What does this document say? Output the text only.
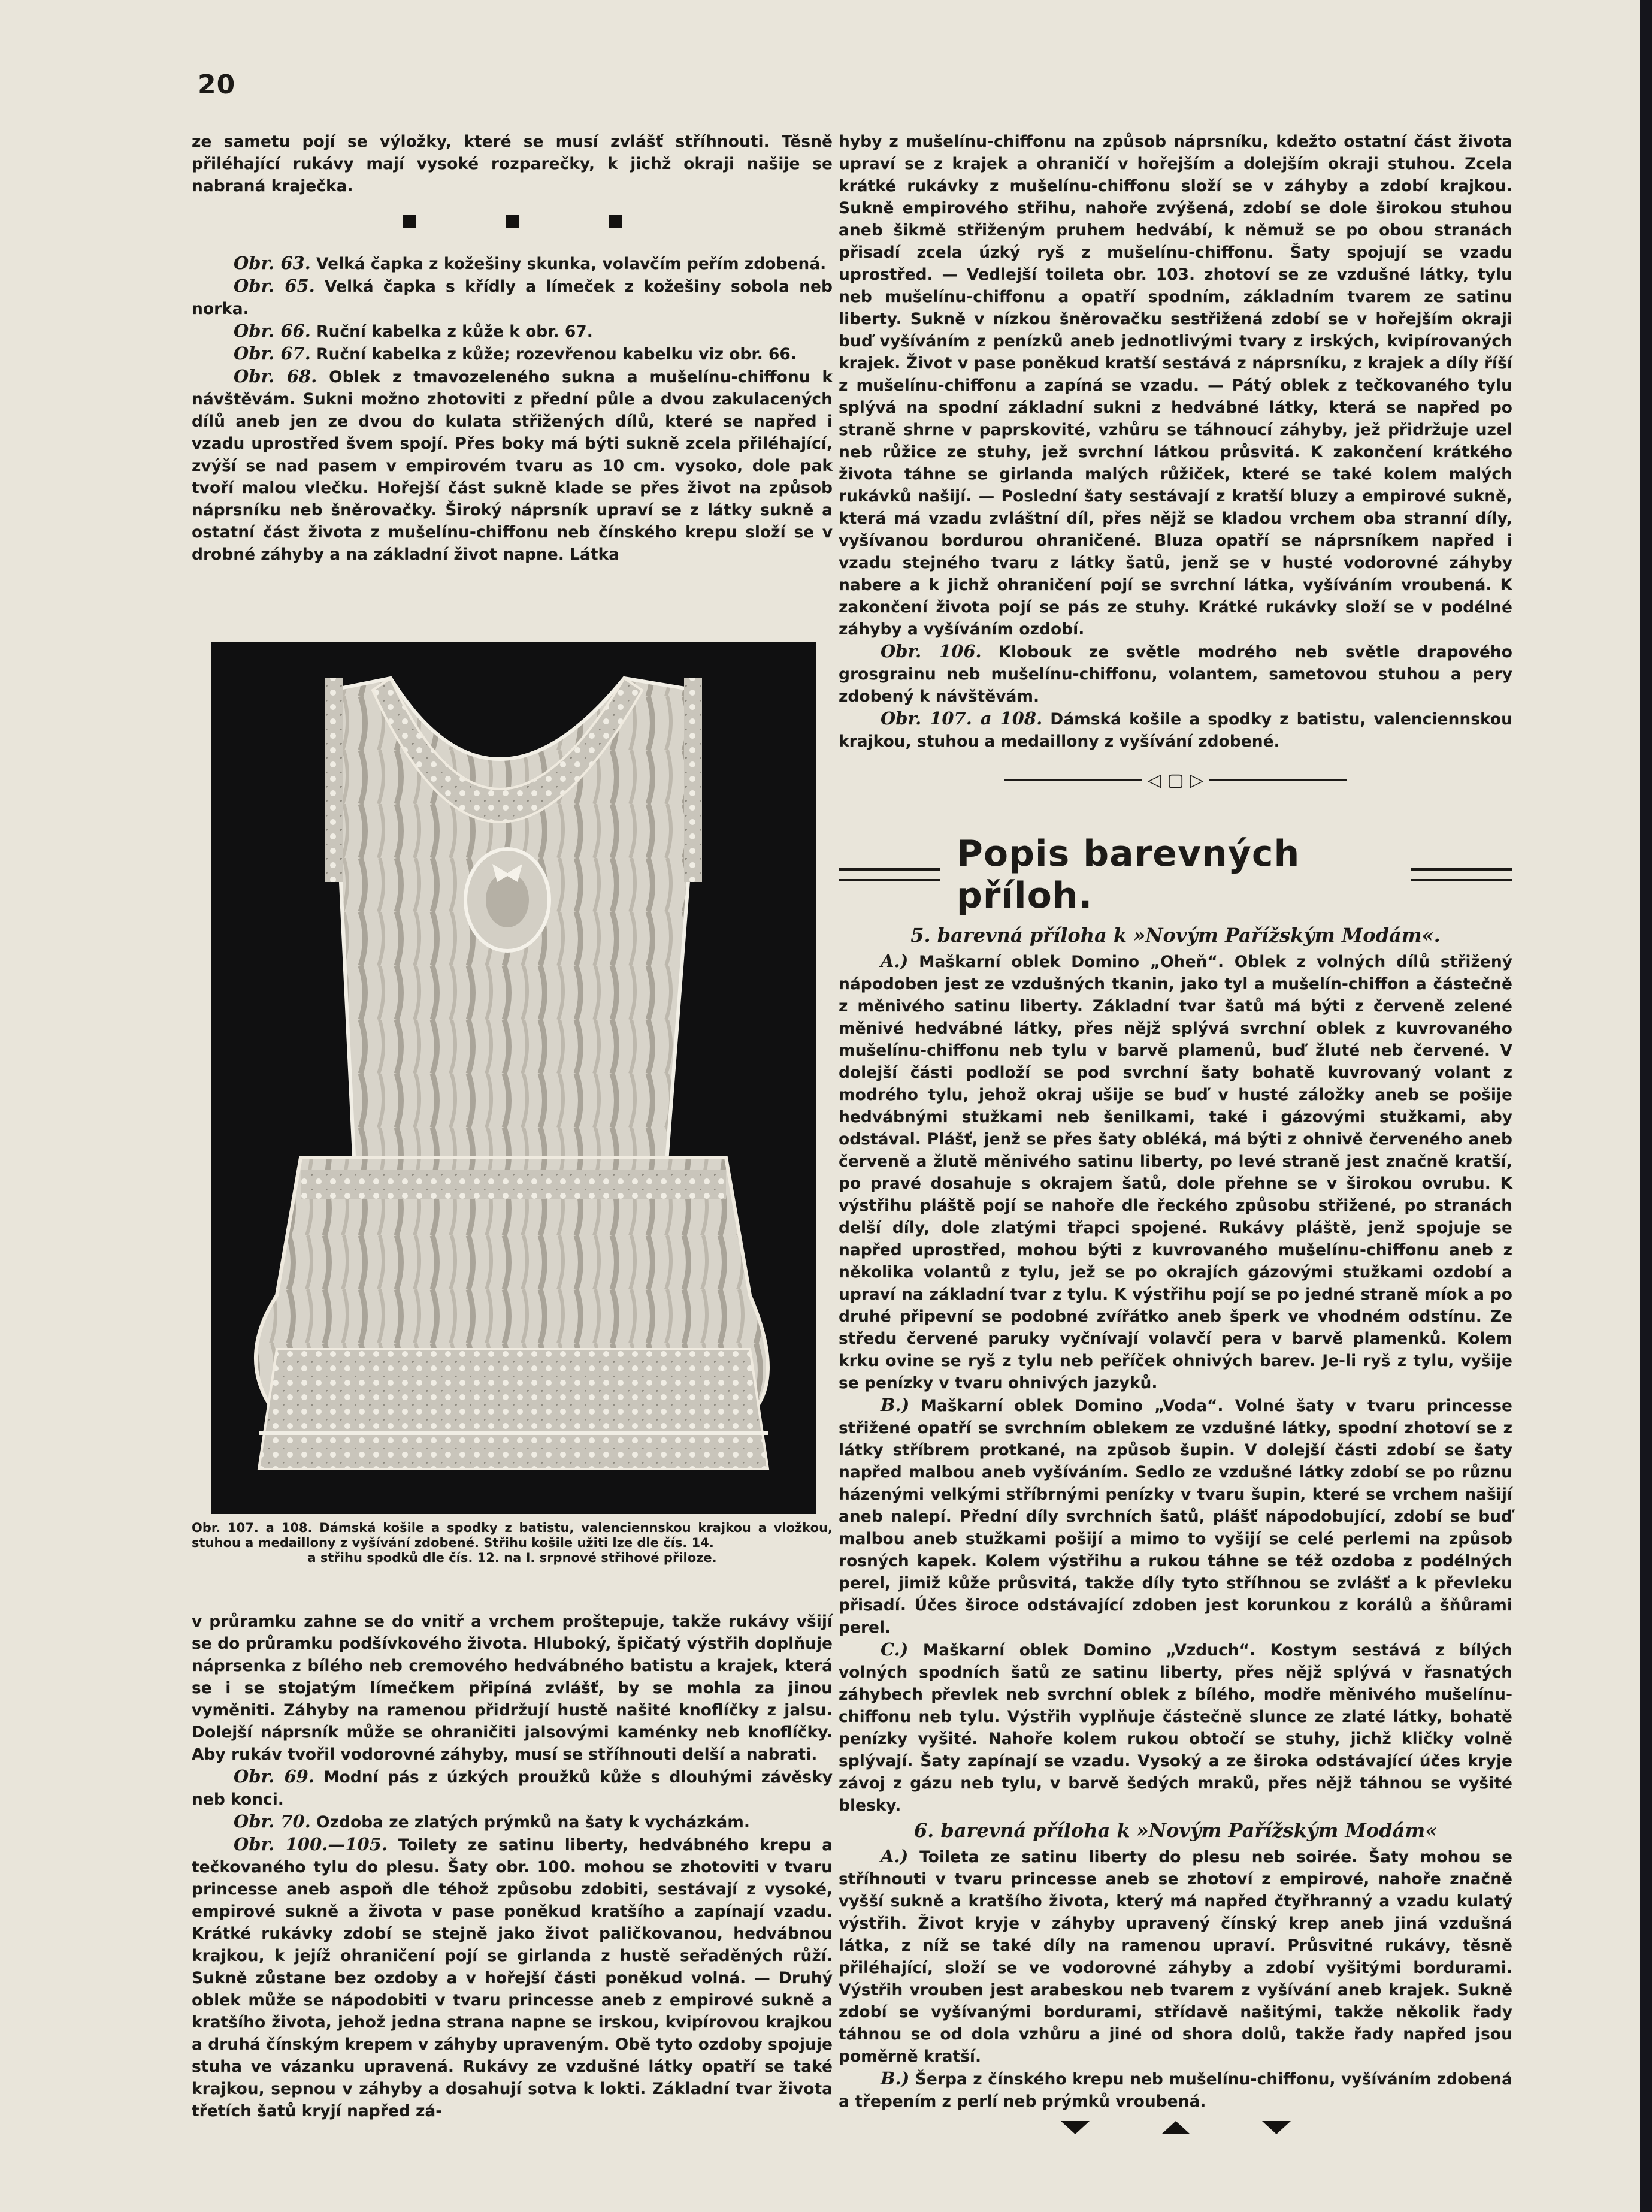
20

ze sametu pojí se výložky, které se musí zvlášť stříhnouti. Těsně přiléhající rukávy mají vysoké rozparečky, k jichž okraji našije se nabraná kraječka.

Obr. 63. Velká čapka z kožešiny skunka, volavčím peřím zdobená.

Obr. 65. Velká čapka s křídly a límeček z kožešiny sobola neb norka.

Obr. 66. Ruční kabelka z kůže k obr. 67.

Obr. 67. Ruční kabelka z kůže; rozevřenou kabelku viz obr. 66.

Obr. 68. Oblek z tmavozeleného sukna a mušelínu-chiffonu k návštěvám. Sukni možno zhotoviti z přední půle a dvou zakulacených dílů aneb jen ze dvou do kulata střižených dílů, které se napřed i vzadu uprostřed švem spojí. Přes boky má býti sukně zcela přiléhající, zvýší se nad pasem v empirovém tvaru as 10 cm. vysoko, dole pak tvoří malou vlečku. Hořejší část sukně klade se přes život na způsob náprsníku neb šněrovačky. Široký náprsník upraví se z látky sukně a ostatní část života z mušelínu-chiffonu neb čínského krepu složí se v drobné záhyby a na základní život napne. Látka

Obr. 107. a 108. Dámská košile a spodky z batistu, valenciennskou krajkou a vložkou, stuhou a medaillony z vyšívání zdobené. Střihu košile užiti lze dle čís. 14.
a střihu spodků dle čís. 12. na I. srpnové střihové přiloze.

v průramku zahne se do vnitř a vrchem proštepuje, takže rukávy všijí se do průramku podšívkového života. Hluboký, špičatý výstřih doplňuje náprsenka z bílého neb cremového hedvábného batistu a krajek, která se i se stojatým límečkem připíná zvlášť, by se mohla za jinou vyměniti. Záhyby na ramenou přidržují hustě našité knoflíčky z jalsu. Dolejší náprsník může se ohraničiti jalsovými kaménky neb knoflíčky. Aby rukáv tvořil vodorovné záhyby, musí se stříhnouti delší a nabrati.

Obr. 69. Modní pás z úzkých proužků kůže s dlouhými závěsky neb konci.

Obr. 70. Ozdoba ze zlatých prýmků na šaty k vycházkám.

Obr. 100.—105. Toilety ze satinu liberty, hedvábného krepu a tečkovaného tylu do plesu. Šaty obr. 100. mohou se zhotoviti v tvaru princesse aneb aspoň dle téhož způsobu zdobiti, sestávají z vysoké, empirové sukně a života v pase poněkud kratšího a zapínají vzadu. Krátké rukávky zdobí se stejně jako život paličkovanou, hedvábnou krajkou, k jejíž ohraničení pojí se girlanda z hustě seřaděných růží. Sukně zůstane bez ozdoby a v hořejší části poněkud volná. — Druhý oblek může se nápodobiti v tvaru princesse aneb z empirové sukně a kratšího života, jehož jedna strana napne se irskou, kvipírovou krajkou a druhá čínským krepem v záhyby upraveným. Obě tyto ozdoby spojuje stuha ve vázanku upravená. Rukávy ze vzdušné látky opatří se také krajkou, sepnou v záhyby a dosahují sotva k lokti. Základní tvar života třetích šatů kryjí napřed zá-

hyby z mušelínu-chiffonu na způsob náprsníku, kdežto ostatní část života upraví se z krajek a ohraničí v hořejším a dolejším okraji stuhou. Zcela krátké rukávky z mušelínu-chiffonu složí se v záhyby a zdobí krajkou. Sukně empirového střihu, nahoře zvýšená, zdobí se dole širokou stuhou aneb šikmě střiženým pruhem hedvábí, k němuž se po obou stranách přisadí zcela úzký ryš z mušelínu-chiffonu. Šaty spojují se vzadu uprostřed. — Vedlejší toileta obr. 103. zhotoví se ze vzdušné látky, tylu neb mušelínu-chiffonu a opatří spodním, základním tvarem ze satinu liberty. Sukně v nízkou šněrovačku sestřižená zdobí se v hořejším okraji buď vyšíváním z penízků aneb jednotlivými tvary z irských, kvipírovaných krajek. Život v pase poněkud kratší sestává z náprsníku, z krajek a díly říší z mušelínu-chiffonu a zapíná se vzadu. — Pátý oblek z tečkovaného tylu splývá na spodní základní sukni z hedvábné látky, která se napřed po straně shrne v paprskovité, vzhůru se táhnoucí záhyby, jež přidržuje uzel neb růžice ze stuhy, jež svrchní látkou průsvitá. K zakončení krátkého života táhne se girlanda malých růžiček, které se také kolem malých rukávků našijí. — Poslední šaty sestávají z kratší bluzy a empirové sukně, která má vzadu zvláštní díl, přes nějž se kladou vrchem oba stranní díly, vyšívanou bordurou ohraničené. Bluza opatří se náprsníkem napřed i vzadu stejného tvaru z látky šatů, jenž se v husté vodorovné záhyby nabere a k jichž ohraničení pojí se svrchní látka, vyšíváním vroubená. K zakončení života pojí se pás ze stuhy. Krátké rukávky složí se v podélné záhyby a vyšíváním ozdobí.

Obr. 106. Klobouk ze světle modrého neb světle drapového grosgrainu neb mušelínu-chiffonu, volantem, sametovou stuhou a pery zdobený k návštěvám.

Obr. 107. a 108. Dámská košile a spodky z batistu, valenciennskou krajkou, stuhou a medaillony z vyšívání zdobené.

◁ ▢ ▷
Popis barevných příloh.
5. barevná příloha k »Novým Pařížským Modám«.

A.) Maškarní oblek Domino „Oheň“. Oblek z volných dílů střižený nápodoben jest ze vzdušných tkanin, jako tyl a mušelín-chiffon a částečně z měnivého satinu liberty. Základní tvar šatů má býti z červeně zelené měnivé hedvábné látky, přes nějž splývá svrchní oblek z kuvrovaného mušelínu-chiffonu neb tylu v barvě plamenů, buď žluté neb červené. V dolejší části podloží se pod svrchní šaty bohatě kuvrovaný volant z modrého tylu, jehož okraj ušije se buď v husté záložky aneb se pošije hedvábnými stužkami neb šenilkami, také i gázovými stužkami, aby odstával. Plášť, jenž se přes šaty obléká, má býti z ohnivě červeného aneb červeně a žlutě měnivého satinu liberty, po levé straně jest značně kratší, po pravé dosahuje s okrajem šatů, dole přehne se v širokou ovrubu. K výstřihu pláště pojí se nahoře dle řeckého způsobu střižené, po stranách delší díly, dole zlatými třapci spojené. Rukávy pláště, jenž spojuje se napřed uprostřed, mohou býti z kuvrovaného mušelínu-chiffonu aneb z několika volantů z tylu, jež se po okrajích gázovými stužkami ozdobí a upraví na základní tvar z tylu. K výstřihu pojí se po jedné straně míok a po druhé připevní se podobné zvířátko aneb šperk ve vhodném odstínu. Ze středu červené paruky vyčnívají volavčí pera v barvě plamenků. Kolem krku ovine se ryš z tylu neb peříček ohnivých barev. Je-li ryš z tylu, vyšije se penízky v tvaru ohnivých jazyků.

B.) Maškarní oblek Domino „Voda“. Volné šaty v tvaru princesse střižené opatří se svrchním oblekem ze vzdušné látky, spodní zhotoví se z látky stříbrem protkané, na způsob šupin. V dolejší části zdobí se šaty napřed malbou aneb vyšíváním. Sedlo ze vzdušné látky zdobí se po různu házenými velkými stříbrnými penízky v tvaru šupin, které se vrchem našijí aneb nalepí. Přední díly svrchních šatů, plášť nápodobující, zdobí se buď malbou aneb stužkami pošijí a mimo to vyšijí se celé perlemi na způsob rosných kapek. Kolem výstřihu a rukou táhne se též ozdoba z podélných perel, jimiž kůže průsvitá, takže díly tyto stříhnou se zvlášť a k převleku přisadí. Účes široce odstávající zdoben jest korunkou z korálů a šňůrami perel.

C.) Maškarní oblek Domino „Vzduch“. Kostym sestává z bílých volných spodních šatů ze satinu liberty, přes nějž splývá v řasnatých záhybech převlek neb svrchní oblek z bílého, modře měnivého mušelínu-chiffonu neb tylu. Výstřih vyplňuje částečně slunce ze zlaté látky, bohatě penízky vyšité. Nahoře kolem rukou obtočí se stuhy, jichž kličky volně splývají. Šaty zapínají se vzadu. Vysoký a ze široka odstávající účes kryje závoj z gázu neb tylu, v barvě šedých mraků, přes nějž táhnou se vyšité blesky.

6. barevná příloha k »Novým Pařížským Modám«

A.) Toileta ze satinu liberty do plesu neb soirée. Šaty mohou se stříhnouti v tvaru princesse aneb se zhotoví z empirové, nahoře značně vyšší sukně a kratšího života, který má napřed čtyřhranný a vzadu kulatý výstřih. Život kryje v záhyby upravený čínský krep aneb jiná vzdušná látka, z níž se také díly na ramenou upraví. Průsvitné rukávy, těsně přiléhající, složí se ve vodorovné záhyby a zdobí vyšitými bordurami. Výstřih vrouben jest arabeskou neb tvarem z vyšívání aneb krajek. Sukně zdobí se vyšívanými bordurami, střídavě našitými, takže několik řady táhnou se od dola vzhůru a jiné od shora dolů, takže řady napřed jsou poměrně kratší.

B.) Šerpa z čínského krepu neb mušelínu-chiffonu, vyšíváním zdobená a třepením z perlí neb prýmků vroubená.
